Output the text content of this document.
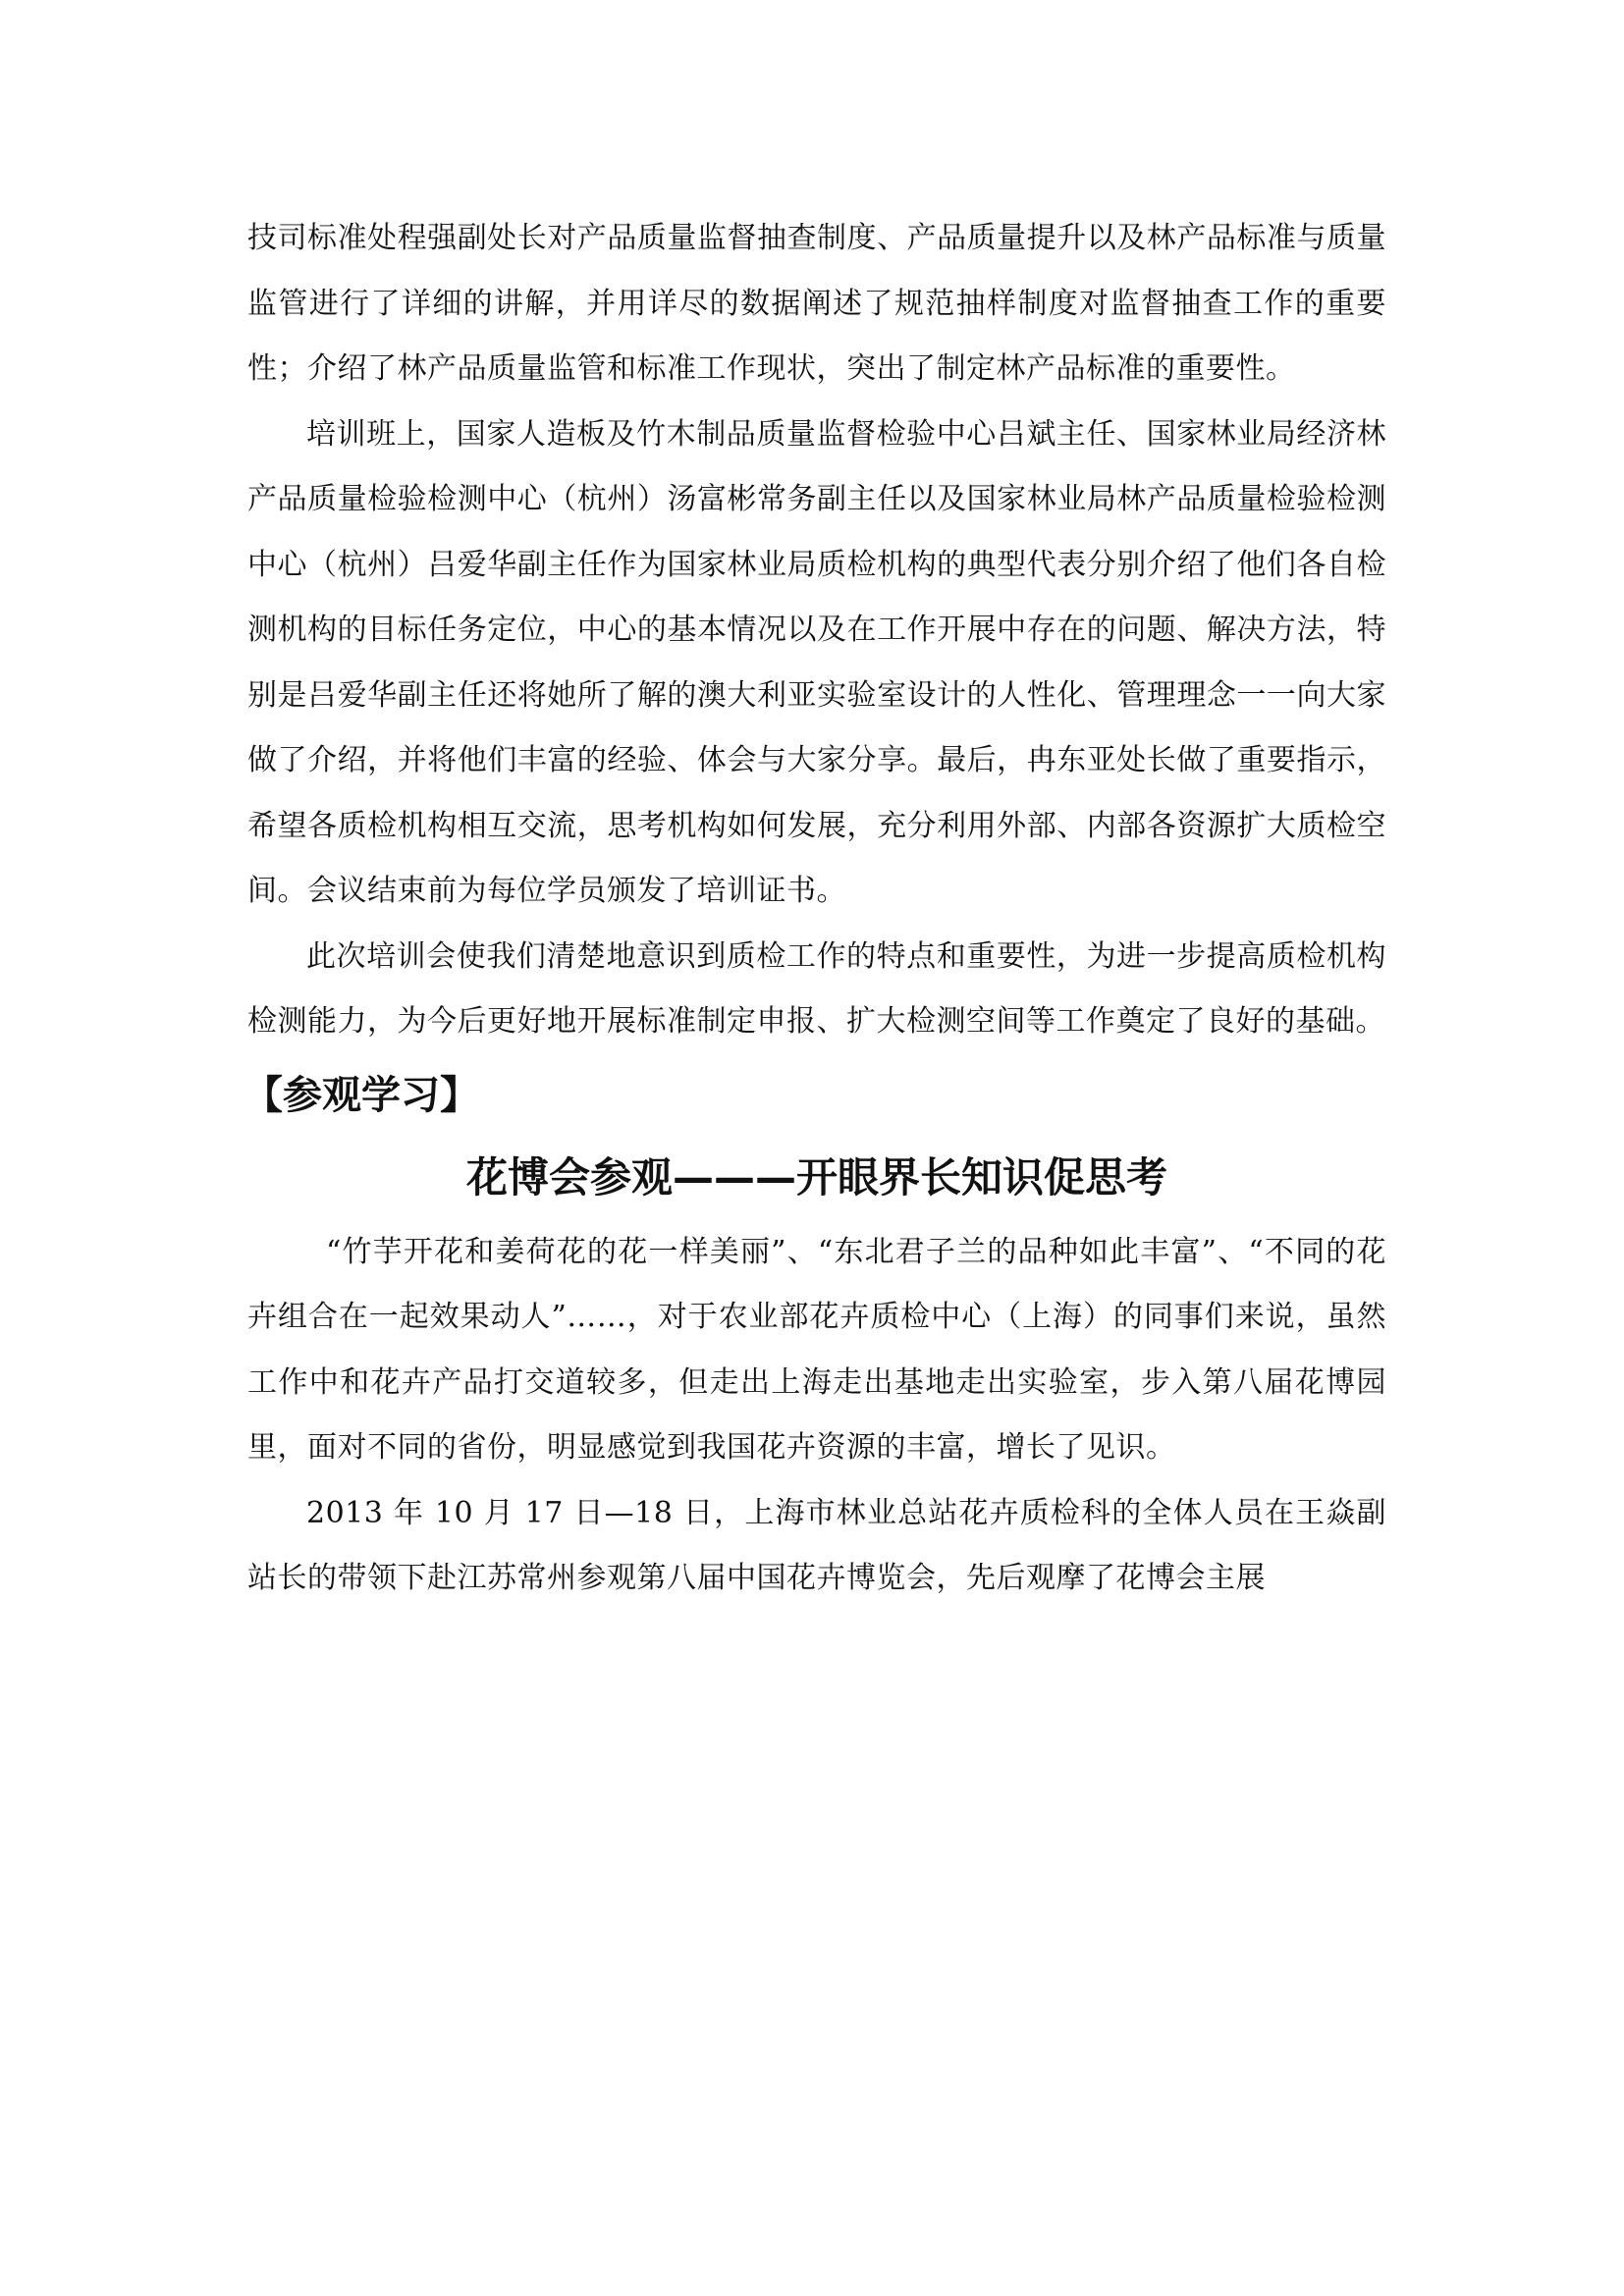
技司标准处程强副处长对产品质量监督抽查制度、产品质量提升以及林产品标准与质量监管进行了详细的讲解，并用详尽的数据阐述了规范抽样制度对监督抽查工作的重要性；介绍了林产品质量监管和标准工作现状，突出了制定林产品标准的重要性。

培训班上，国家人造板及竹木制品质量监督检验中心吕斌主任、国家林业局经济林产品质量检验检测中心（杭州）汤富彬常务副主任以及国家林业局林产品质量检验检测中心（杭州）吕爱华副主任作为国家林业局质检机构的典型代表分别介绍了他们各自检测机构的目标任务定位，中心的基本情况以及在工作开展中存在的问题、解决方法，特别是吕爱华副主任还将她所了解的澳大利亚实验室设计的人性化、管理理念一一向大家做了介绍，并将他们丰富的经验、体会与大家分享。最后，冉东亚处长做了重要指示，希望各质检机构相互交流，思考机构如何发展，充分利用外部、内部各资源扩大质检空间。会议结束前为每位学员颁发了培训证书。

此次培训会使我们清楚地意识到质检工作的特点和重要性，为进一步提高质检机构检测能力，为今后更好地开展标准制定申报、扩大检测空间等工作奠定了良好的基础。

【参观学习】
花博会参观———开眼界长知识促思考

“竹芋开花和姜荷花的花一样美丽”、“东北君子兰的品种如此丰富”、“不同的花卉组合在一起效果动人”……，对于农业部花卉质检中心（上海）的同事们来说，虽然工作中和花卉产品打交道较多，但走出上海走出基地走出实验室，步入第八届花博园里，面对不同的省份，明显感觉到我国花卉资源的丰富，增长了见识。

2013 年 10 月 17 日—18 日，上海市林业总站花卉质检科的全体人员在王焱副站长的带领下赴江苏常州参观第八届中国花卉博览会，先后观摩了花博会主展
